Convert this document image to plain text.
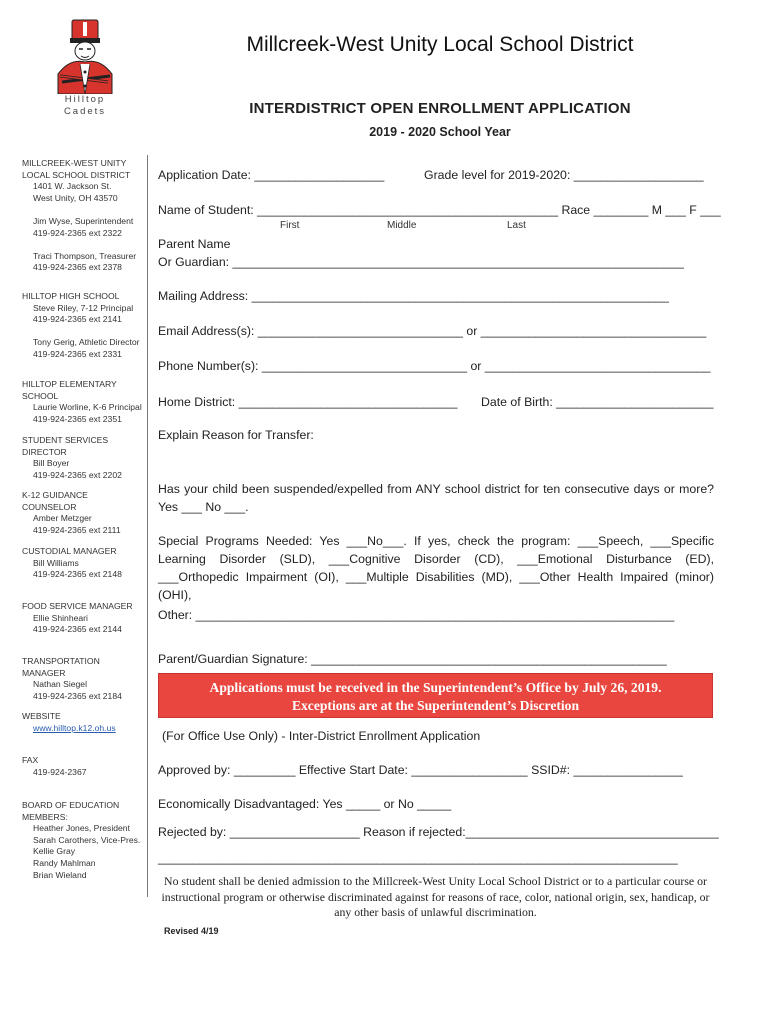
Hilltop
Cadets
Millcreek-West Unity Local School District
INTERDISTRICT OPEN ENROLLMENT APPLICATION
2019 - 2020 School Year
MILLCREEK-WEST UNITY
LOCAL SCHOOL DISTRICT
1401 W. Jackson St.
West Unity, OH 43570
Jim Wyse, Superintendent
419-924-2365 ext 2322
Traci Thompson, Treasurer
419-924-2365 ext 2378
HILLTOP HIGH SCHOOL
Steve Riley, 7-12 Principal
419-924-2365 ext 2141
Tony Gerig, Athletic Director
419-924-2365 ext 2331
HILLTOP ELEMENTARY SCHOOL
Laurie Worline, K-6 Principal
419-924-2365 ext 2351
STUDENT SERVICES DIRECTOR
Bill Boyer
419-924-2365 ext 2202
K-12 GUIDANCE COUNSELOR
Amber Metzger
419-924-2365 ext 2111
CUSTODIAL MANAGER
Bill Williams
419-924-2365 ext 2148
FOOD SERVICE MANAGER
Ellie Shinheari
419-924-2365 ext 2144
TRANSPORTATION MANAGER
Nathan Siegel
419-924-2365 ext 2184
WEBSITE
www.hilltop.k12.oh.us
FAX
419-924-2367
BOARD OF EDUCATION
MEMBERS:
Heather Jones, President
Sarah Carothers, Vice-Pres.
Kellie Gray
Randy Mahlman
Brian Wieland
Application Date: ___________________	Grade level for 2019-2020: ___________________
Name of Student: ____________________________________________ Race ________ M ___ F ___
First	Middle	Last
Parent Name
Or Guardian: __________________________________________________________________
Mailing Address: _____________________________________________________________
Email Address(s): ______________________________ or _________________________________
Phone Number(s): ______________________________ or _________________________________
Home District: ________________________________ Date of Birth: _______________________
Explain Reason for Transfer:
Has your child been suspended/expelled from ANY school district for ten consecutive days or more? Yes ___ No ___.
Special Programs Needed: Yes ___No___. If yes, check the program: ___Speech, ___Specific Learning Disorder (SLD), ___Cognitive Disorder (CD), ___Emotional Disturbance (ED), ___Orthopedic Impairment (OI), ___Multiple Disabilities (MD), ___Other Health Impaired (minor) (OHI),
Other: ______________________________________________________________________
Parent/Guardian Signature: ____________________________________________________
Applications must be received in the Superintendent’s Office by July 26, 2019.
Exceptions are at the Superintendent’s Discretion
(For Office Use Only) - Inter-District Enrollment Application
Approved by: _________ Effective Start Date: _________________ SSID#: ________________
Economically Disadvantaged: Yes _____ or No _____
Rejected by: ___________________ Reason if rejected:_____________________________________
____________________________________________________________________________
No student shall be denied admission to the Millcreek-West Unity Local School District or to a particular course or instructional program or otherwise discriminated against for reasons of race, color, national origin, sex, handicap, or any other basis of unlawful discrimination.
Revised 4/19
